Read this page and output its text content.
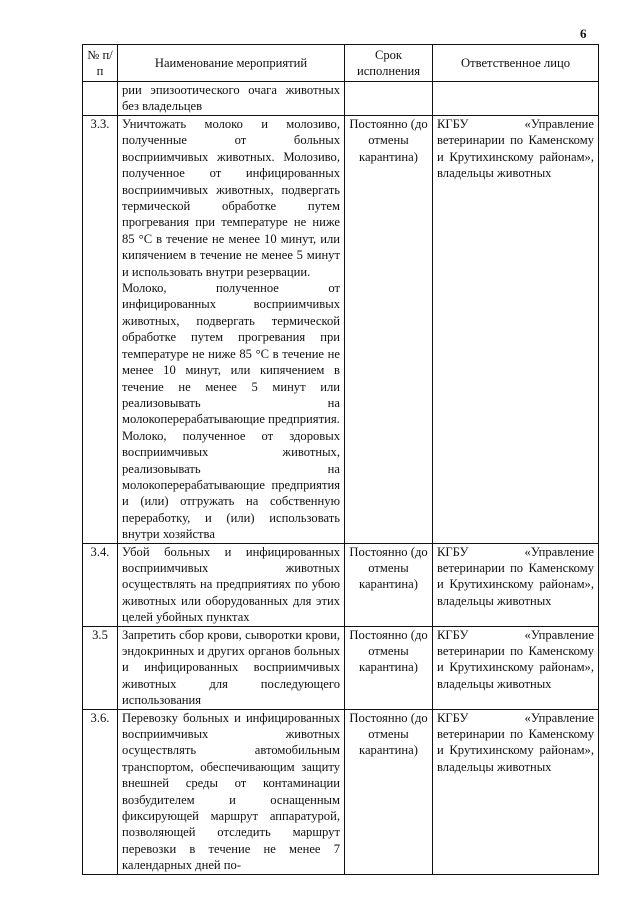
6
№ п/п	Наименование мероприятий	Срок исполнения	Ответственное лицо
	рии эпизоотического очага животных без владельцев		
3.3.	Уничтожать молоко и молозиво, полученные от больных восприимчивых животных. Молозиво, полученное от инфицированных восприимчивых животных, подвергать термической обработке путем прогревания при температуре не ниже 85 °С в течение не менее 10 минут, или кипячением в течение не менее 5 минут и использовать внутри резервации.

Молоко, полученное от инфицированных восприимчивых животных, подвергать термической обработке путем прогревания при температуре не ниже 85 °С в течение не менее 10 минут, или кипячением в течение не менее 5 минут или реализовывать на молокоперерабатывающие предприятия.

Молоко, полученное от здоровых восприимчивых животных, реализовывать на молокоперерабатывающие предприятия и (или) отгружать на собственную переработку, и (или) использовать внутри хозяйства	Постоянно (до отмены карантина)	КГБУ «Управление ветеринарии по Каменскому и Крутихинскому районам», владельцы животных
3.4.	Убой больных и инфицированных восприимчивых животных осуществлять на предприятиях по убою животных или оборудованных для этих целей убойных пунктах	Постоянно (до отмены карантина)	КГБУ «Управление ветеринарии по Каменскому и Крутихинскому районам», владельцы животных
3.5	Запретить сбор крови, сыворотки крови, эндокринных и других органов больных и инфицированных восприимчивых животных для последующего использования	Постоянно (до отмены карантина)	КГБУ «Управление ветеринарии по Каменскому и Крутихинскому районам», владельцы животных
3.6.	Перевозку больных и инфицированных восприимчивых животных осуществлять автомобильным транспортом, обеспечивающим защиту внешней среды от контаминации возбудителем и оснащенным фиксирующей маршрут аппаратурой, позволяющей отследить маршрут перевозки в течение не менее 7 календарных дней по-	Постоянно (до отмены карантина)	КГБУ «Управление ветеринарии по Каменскому и Крутихинскому районам», владельцы животных
